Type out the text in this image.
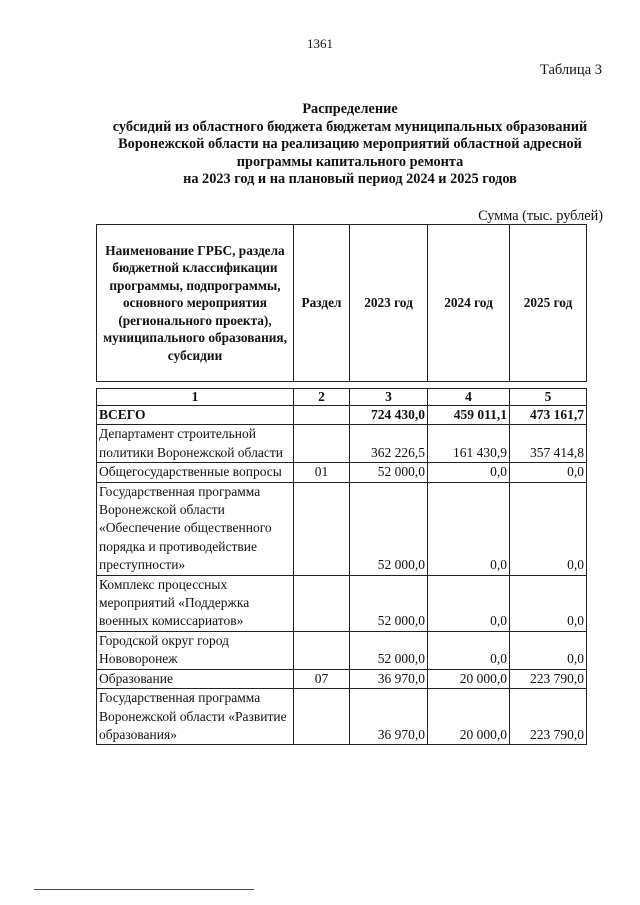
1361
Таблица 3
Распределение
субсидий из областного бюджета бюджетам муниципальных образований
Воронежской области на реализацию мероприятий областной адресной
программы капитального ремонта
на 2023 год и на плановый период 2024 и 2025 годов
Сумма (тыс. рублей)
Наименование ГРБС, раздела бюджетной классификации программы, подпрограммы, основного мероприятия (регионального проекта), муниципального образования, субсидии	Раздел	2023 год	2024 год	2025 год
1	2	3	4	5
ВСЕГО		724 430,0	459 011,1	473 161,7
Департамент строительной политики Воронежской области		362 226,5	161 430,9	357 414,8
Общегосударственные вопросы	01	52 000,0	0,0	0,0
Государственная программа Воронежской области «Обеспечение общественного порядка и противодействие преступности»		52 000,0	0,0	0,0
Комплекс процессных мероприятий «Поддержка военных комиссариатов»		52 000,0	0,0	0,0
Городской округ город Нововоронеж		52 000,0	0,0	0,0
Образование	07	36 970,0	20 000,0	223 790,0
Государственная программа Воронежской области «Развитие образования»		36 970,0	20 000,0	223 790,0
